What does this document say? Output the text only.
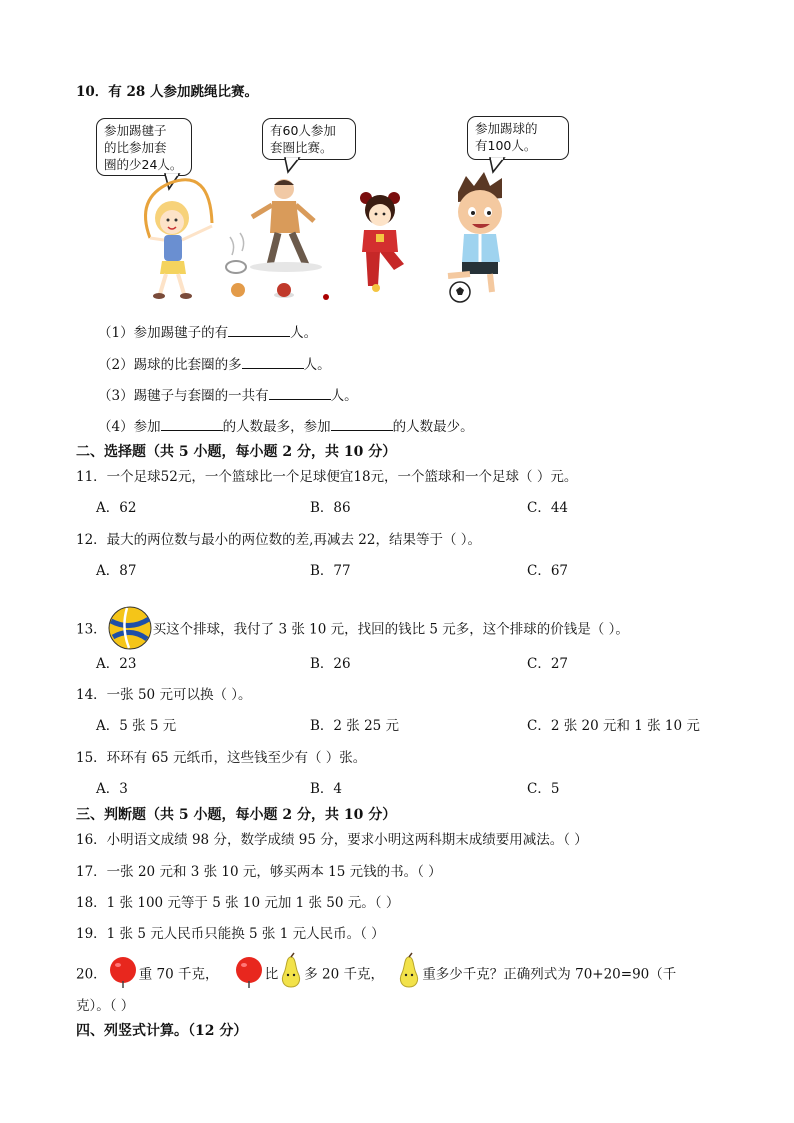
10．有 28 人参加跳绳比赛。
参加踢毽子
的比参加套
圈的少24人。
有60人参加
套圈比赛。
参加踢球的
有100人。
（1）参加踢毽子的有	人。
（2）踢球的比套圈的多	人。
（3）踢毽子与套圈的一共有	人。
（4）参加	的人数最多，参加	的人数最少。
二、选择题（共 5 小题，每小题 2 分，共 10 分）
11．一个足球52元，一个篮球比一个足球便宜18元，一个篮球和一个足球（ ）元。
A．62	B．86	C．44
12．最大的两位数与最小的两位数的差,再减去 22，结果等于（ ）。
A．87	B．77	C．67
13．	买这个排球，我付了 3 张 10 元，找回的钱比 5 元多，这个排球的价钱是（ ）。
A．23	B．26	C．27
14．一张 50 元可以换（ ）。
A．5 张 5 元	B．2 张 25 元	C．2 张 20 元和 1 张 10 元
15．环环有 65 元纸币，这些钱至少有（ ）张。
A．3	B．4	C．5
三、判断题（共 5 小题，每小题 2 分，共 10 分）
16．小明语文成绩 98 分，数学成绩 95 分，要求小明这两科期末成绩要用减法。（ ）
17．一张 20 元和 3 张 10 元，够买两本 15 元钱的书。（ ）
18．1 张 100 元等于 5 张 10 元加 1 张 50 元。（ ）
19．1 张 5 元人民币只能换 5 张 1 元人民币。（ ）
20． 重 70 千克，	比 多 20 千克，	重多少千克？正确列式为 70+20=90（千
克）。（ ）
四、列竖式计算。（12 分）
